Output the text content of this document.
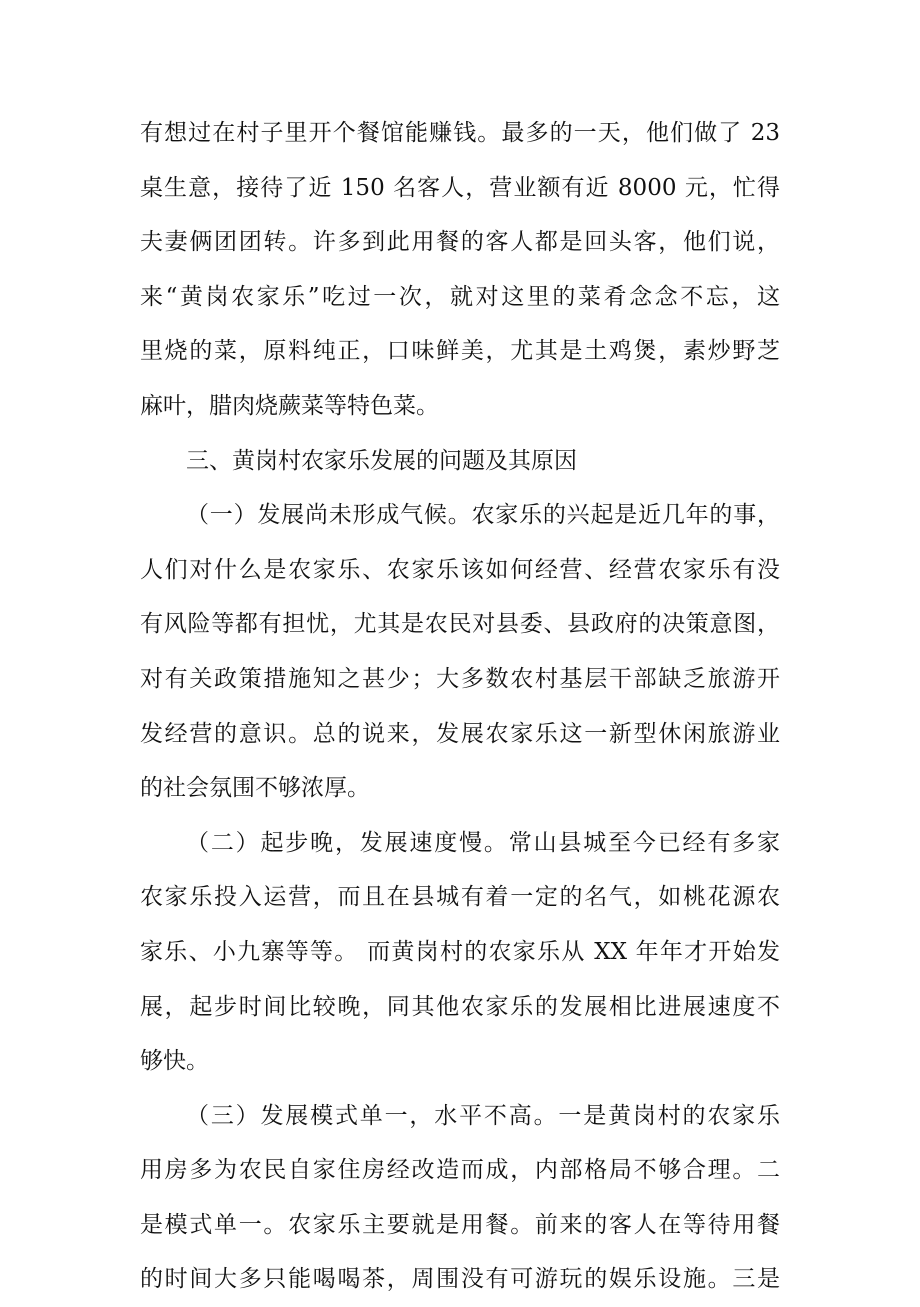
有想过在村子里开个餐馆能赚钱。最多的一天，他们做了 23
桌生意，接待了近 150 名客人，营业额有近 8000 元，忙得
夫妻俩团团转。许多到此用餐的客人都是回头客，他们说，
来“黄岗农家乐”吃过一次，就对这里的菜肴念念不忘，这
里烧的菜，原料纯正，口味鲜美，尤其是土鸡煲，素炒野芝
麻叶，腊肉烧蕨菜等特色菜。
三、黄岗村农家乐发展的问题及其原因
（一）发展尚未形成气候。农家乐的兴起是近几年的事，
人们对什么是农家乐、农家乐该如何经营、经营农家乐有没
有风险等都有担忧，尤其是农民对县委、县政府的决策意图，
对有关政策措施知之甚少；大多数农村基层干部缺乏旅游开
发经营的意识。总的说来，发展农家乐这一新型休闲旅游业
的社会氛围不够浓厚。
（二）起步晚，发展速度慢。常山县城至今已经有多家
农家乐投入运营，而且在县城有着一定的名气，如桃花源农
家乐、小九寨等等。 而黄岗村的农家乐从 XX 年年才开始发
展，起步时间比较晚，同其他农家乐的发展相比进展速度不
够快。
（三）发展模式单一，水平不高。一是黄岗村的农家乐
用房多为农民自家住房经改造而成，内部格局不够合理。二
是模式单一。农家乐主要就是用餐。前来的客人在等待用餐
的时间大多只能喝喝茶，周围没有可游玩的娱乐设施。三是
